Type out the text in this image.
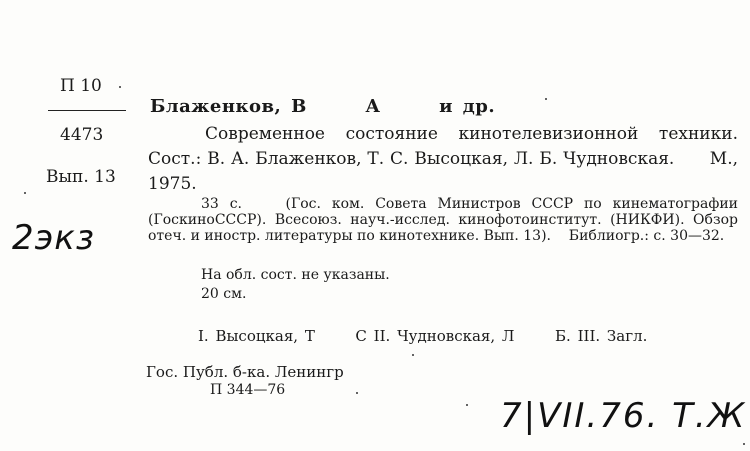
П 10
4473
Вып. 13
2экз
Блаженков, В      А      и др.

Современное состояние кинотелевизионной техники. Сост.: В. А. Блаженков, Т. С. Высоцкая, Л. Б. Чудновская.      М., 1975.

33 с.    (Гос. ком. Совета Министров СССР по кинематографии (ГоскиноСССР). Всесоюз. науч.-исслед. кинофотоинститут. (НИКФИ). Обзор отеч. и иностр. литературы по кинотехнике. Вып. 13).    Библиогр.: с. 30—32.

На обл. сост. не указаны.
20 см.
I. Высоцкая, Т      С II. Чудновская, Л      Б. III. Загл.
Гос. Публ. б-ка. Ленингр
П 344—76
7|VII.76. Т.Ж
